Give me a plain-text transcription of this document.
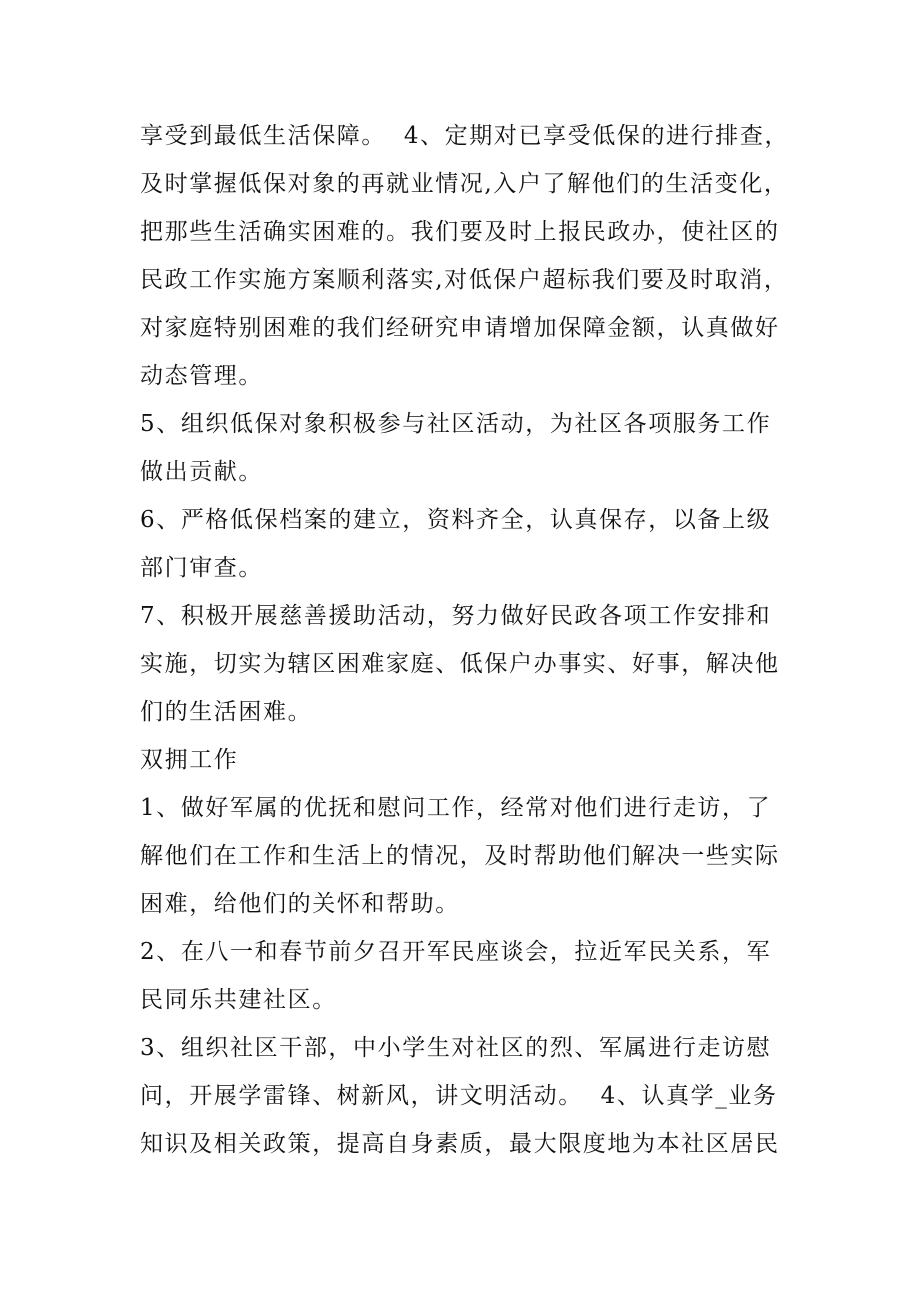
享受到最低生活保障。  4、定期对已享受低保的进行排查，
及时掌握低保对象的再就业情况,入户了解他们的生活变化，
把那些生活确实困难的。我们要及时上报民政办，使社区的
民政工作实施方案顺利落实,对低保户超标我们要及时取消，
对家庭特别困难的我们经研究申请增加保障金额，认真做好
动态管理。
5、组织低保对象积极参与社区活动，为社区各项服务工作
做出贡献。
6、严格低保档案的建立，资料齐全，认真保存，以备上级
部门审查。
7、积极开展慈善援助活动，努力做好民政各项工作安排和
实施，切实为辖区困难家庭、低保户办事实、好事，解决他
们的生活困难。
双拥工作
1、做好军属的优抚和慰问工作，经常对他们进行走访，了
解他们在工作和生活上的情况，及时帮助他们解决一些实际
困难，给他们的关怀和帮助。
2、在八一和春节前夕召开军民座谈会，拉近军民关系，军
民同乐共建社区。
3、组织社区干部，中小学生对社区的烈、军属进行走访慰
问，开展学雷锋、树新风，讲文明活动。  4、认真学_业务
知识及相关政策，提高自身素质，最大限度地为本社区居民
